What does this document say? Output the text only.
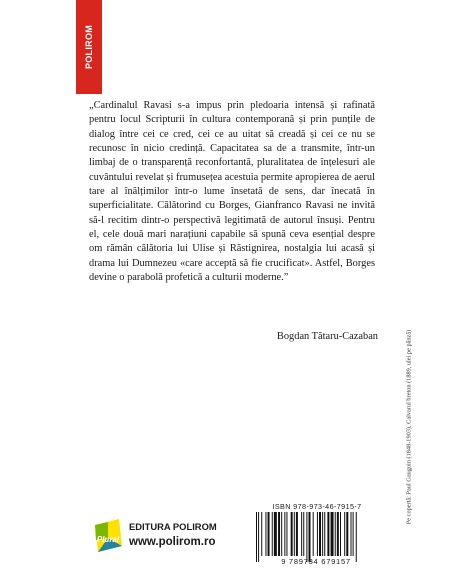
POLIROM
„Cardinalul Ravasi s-a impus prin pledoaria intensă și rafinată pentru locul Scripturii în cultura contemporană și prin punțile de dialog între cei ce cred, cei ce au uitat să creadă și cei ce nu se recunosc în nicio credință. Capacitatea sa de a transmite, într-un limbaj de o transparență reconfortantă, pluralitatea de înțelesuri ale cuvântului revelat și frumusețea acestuia permite apropierea de aerul tare al înălțimilor într-o lume însetată de sens, dar înecată în superficialitate. Călătorind cu Borges, Gianfranco Ravasi ne invită să-l recitim dintr-o perspectivă legitimată de autorul însuși. Pentru el, cele două mari narațiuni capabile să spună ceva esențial despre om rămân călătoria lui Ulise și Răstignirea, nostalgia lui acasă și drama lui Dumnezeu «care acceptă să fie crucificat». Astfel, Borges devine o parabolă profetică a culturii moderne.”
Bogdan Tătaru-Cazaban	Pe copertă: Paul Gauguin (1848-1903), Calvarul breton (1889, ulei pe pânză)
ISBN 978-973-46-7915-7
9 789734 679157
Plural
EDITURA POLIROM
www.polirom.ro
